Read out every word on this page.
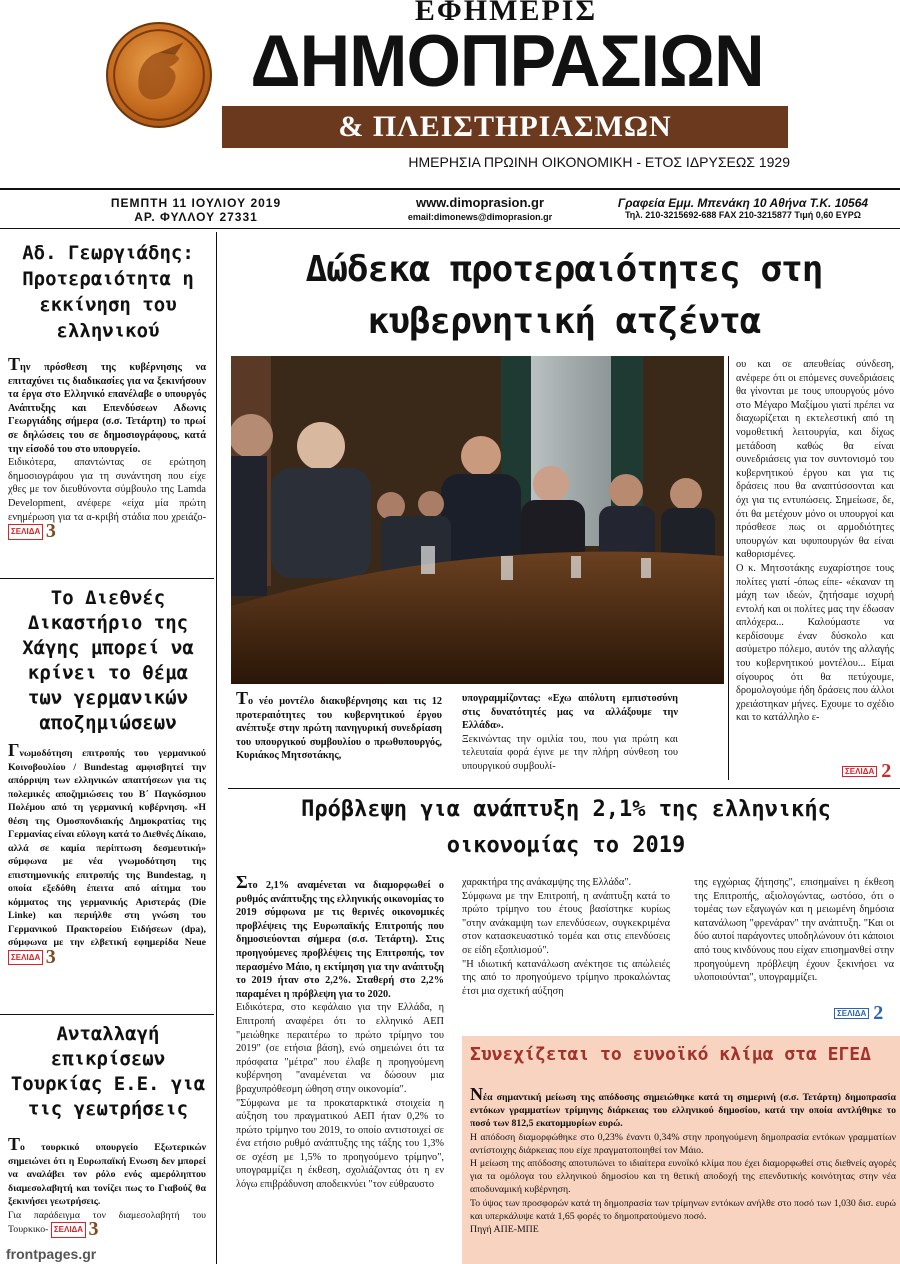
ΕΦΗΜΕΡΙΣ
ΔΗΜΟΠΡΑΣΙΩΝ
& ΠΛΕΙΣΤΗΡΙΑΣΜΩΝ
ΗΜΕΡΗΣΙΑ ΠΡΩΙΝΗ ΟΙΚΟΝΟΜΙΚΗ - ΕΤΟΣ ΙΔΡΥΣΕΩΣ 1929
ΠΕΜΠΤΗ 11 ΙΟΥΛΙΟΥ 2019
ΑΡ. ΦΥΛΛΟΥ 27331
www.dimoprasion.gr
email:dimonews@dimoprasion.gr
Γραφεία Εμμ. Μπενάκη 10 Αθήνα Τ.Κ. 10564
Τηλ. 210-3215692-688 FAX 210-3215877 Τιμή 0,60 ΕΥΡΩ
Αδ. Γεωργιάδης: Προτεραιότητα η εκκίνηση του ελληνικού
Την πρόσθεση της κυβέρνησης να επιταχύνει τις διαδικασίες για να ξεκινήσουν τα έργα στο Ελληνικό επανέλαβε ο υπουργός Ανάπτυξης και Επενδύσεων Αδωνις Γεωργιάδης σήμερα (σ.σ. Τετάρτη) το πρωί σε δηλώσεις του σε δημοσιογράφους, κατά την είσοδό του στο υπουργείο.
Ειδικότερα, απαντώντας σε ερώτηση δημοσιογράφου για τη συνάντηση που είχε χθες με τον διευθύνοντα σύμβουλο της Lamda Development, ανέφερε «είχα μία πρώτη ενημέρωση για τα α-κριβή στάδια που χρειάζο- ΣΕΛΙΔΑ 3
Το Διεθνές Δικαστήριο της Χάγης μπορεί να κρίνει το θέμα των γερμανικών αποζημιώσεων
Γνωμοδότηση επιτροπής του γερμανικού Κοινοβουλίου / Bundestag αμφισβητεί την απόρριψη των ελληνικών απαιτήσεων για τις πολεμικές αποζημιώσεις του Β΄ Παγκόσμιου Πολέμου από τη γερμανική κυβέρνηση. «Η θέση της Ομοσπονδιακής Δημοκρατίας της Γερμανίας είναι εύλογη κατά το Διεθνές Δίκαιο, αλλά σε καμία περίπτωση δεσμευτική» σύμφωνα με νέα γνωμοδότηση της επιστημονικής επιτροπής της Bundestag, η οποία εξεδόθη έπειτα από αίτημα του κόμματος της γερμανικής Αριστεράς (Die Linke) και περιήλθε στη γνώση του Γερμανικού Πρακτορείου Ειδήσεων (dpa), σύμφωνα με την ελβετική εφημερίδα Neue ΣΕΛΙΔΑ 3
Ανταλλαγή επικρίσεων Τουρκίας Ε.Ε. για τις γεωτρήσεις
Το τουρκικό υπουργείο Εξωτερικών σημειώνει ότι η Ευρωπαϊκή Ενωση δεν μπορεί να αναλάβει τον ρόλο ενός αμερόληπτου διαμεσολαβητή και τονίζει πως το Γιαβούζ θα ξεκινήσει γεωτρήσεις.
Για παράδειγμα τον διαμεσολαβητή του Τουρκικο- ΣΕΛΙΔΑ 3
frontpages.gr
Δώδεκα προτεραιότητες στη κυβερνητική ατζέντα
Το νέο μοντέλο διακυβέρνησης και τις 12 προτεραιότητες του κυβερνητικού έργου ανέπτυξε στην πρώτη πανηγυρική συνεδρίαση του υπουργικού συμβουλίου ο πρωθυπουργός, Κυριάκος Μητσοτάκης,
υπογραμμίζοντας: «Εχω απόλυτη εμπιστοσύνη στις δυνατότητές μας να αλλάξουμε την Ελλάδα».
Ξεκινώντας την ομιλία του, που για πρώτη και τελευταία φορά έγινε με την πλήρη σύνθεση του υπουργικού συμβουλί-
ου και σε απευθείας σύνδεση, ανέφερε ότι οι επόμενες συνεδριάσεις θα γίνονται με τους υπουργούς μόνο στο Μέγαρο Μαξίμου γιατί πρέπει να διαχωρίζεται η εκτελεστική από τη νομοθετική λειτουργία, και δίχως μετάδοση καθώς θα είναι συνεδριάσεις για τον συντονισμό του κυβερνητικού έργου και για τις δράσεις που θα αναπτύσσονται και όχι για τις εντυπώσεις. Σημείωσε, δε, ότι θα μετέχουν μόνο οι υπουργοί και πρόσθεσε πως οι αρμοδιότητες υπουργών και υφυπουργών θα είναι καθορισμένες.
Ο κ. Μητσοτάκης ευχαρίστησε τους πολίτες γιατί -όπως είπε- «έκαναν τη μάχη των ιδεών, ζητήσαμε ισχυρή εντολή και οι πολίτες μας την έδωσαν απλόχερα... Καλούμαστε να κερδίσουμε έναν δύσκολο και ασύμετρο πόλεμο, αυτόν της αλλαγής του κυβερνητικού μοντέλου... Είμαι σίγουρος ότι θα πετύχουμε, δρομολογούμε ήδη δράσεις που άλλοι χρειάστηκαν μήνες. Εχουμε το σχέδιο και το κατάλληλο ε-
ΣΕΛΙΔΑ 2
Πρόβλεψη για ανάπτυξη 2,1% της ελληνικής οικονομίας το 2019
Στο 2,1% αναμένεται να διαμορφωθεί ο ρυθμός ανάπτυξης της ελληνικής οικονομίας το 2019 σύμφωνα με τις θερινές οικονομικές προβλέψεις της Ευρωπαϊκής Επιτροπής που δημοσιεύονται σήμερα (σ.σ. Τετάρτη). Στις προηγούμενες προβλέψεις της Επιτροπής, τον περασμένο Μάιο, η εκτίμηση για την ανάπτυξη το 2019 ήταν στο 2,2%. Σταθερή στο 2,2% παραμένει η πρόβλεψη για το 2020.
Ειδικότερα, στο κεφάλαιο για την Ελλάδα, η Επιτροπή αναφέρει ότι το ελληνικό ΑΕΠ "μειώθηκε περαιτέρω το πρώτο τρίμηνο του 2019" (σε ετήσια βάση), ενώ σημειώνει ότι τα πρόσφατα "μέτρα" που έλαβε η προηγούμενη κυβέρνηση "αναμένεται να δώσουν μια βραχυπρόθεσμη ώθηση στην οικονομία".
"Σύμφωνα με τα προκαταρκτικά στοιχεία η αύξηση του πραγματικού ΑΕΠ ήταν 0,2% το πρώτο τρίμηνο του 2019, το οποίο αντιστοιχεί σε ένα ετήσιο ρυθμό ανάπτυξης της τάξης του 1,3% σε σχέση με 1,5% το προηγούμενο τρίμηνο", υπογραμμίζει η έκθεση, σχολιάζοντας ότι η εν λόγω επιβράδυνση αποδεικνύει "τον εύθραυστο
χαρακτήρα της ανάκαμψης της Ελλάδα".
Σύμφωνα με την Επιτροπή, η ανάπτυξη κατά το πρώτο τρίμηνο του έτους βασίστηκε κυρίως "στην ανάκαμψη των επενδύσεων, συγκεκριμένα στον κατασκευαστικό τομέα και στις επενδύσεις σε είδη εξοπλισμού".
"Η ιδιωτική κατανάλωση ανέκτησε τις απώλειές της από το προηγούμενο τρίμηνο προκαλώντας έτσι μια σχετική αύξηση
της εγχώριας ζήτησης", επισημαίνει η έκθεση της Επιτροπής, αξιολογώντας, ωστόσο, ότι ο τομέας των εξαγωγών και η μειωμένη δημόσια κατανάλωση "φρενάραν" την ανάπτυξη. "Και οι δύο αυτοί παράγοντες υποδηλώνουν ότι κάποιοι από τους κινδύνους που είχαν επισημανθεί στην προηγούμενη πρόβλεψη έχουν ξεκινήσει να υλοποιούνται", υπογραμμίζει.
ΣΕΛΙΔΑ 2
Συνεχίζεται το ευνοϊκό κλίμα στα ΕΓΕΔ
Νέα σημαντική μείωση της απόδοσης σημειώθηκε κατά τη σημερινή (σ.σ. Τετάρτη) δημοπρασία εντόκων γραμματίων τρίμηνης διάρκειας του ελληνικού δημοσίου, κατά την οποία αντλήθηκε το ποσό των 812,5 εκατομμυρίων ευρώ.
Η απόδοση διαμορφώθηκε στο 0,23% έναντι 0,34% στην προηγούμενη δημοπρασία εντόκων γραμματίων αντίστοιχης διάρκειας που είχε πραγματοποιηθεί τον Μάιο.
Η μείωση της απόδοσης αποτυπώνει το ιδιαίτερα ευνοϊκό κλίμα που έχει διαμορφωθεί στις διεθνείς αγορές για τα ομόλογα του ελληνικού δημοσίου και τη θετική αποδοχή της επενδυτικής κοινότητας στην νέα αποδυναμική κυβέρνηση.
Το ύψος των προσφορών κατά τη δημοπρασία των τρίμηνων εντόκων ανήλθε στο ποσό των 1,030 δισ. ευρώ και υπερκάλυψε κατά 1,65 φορές το δημοπρατούμενο ποσό.
Πηγή ΑΠΕ-ΜΠΕ
